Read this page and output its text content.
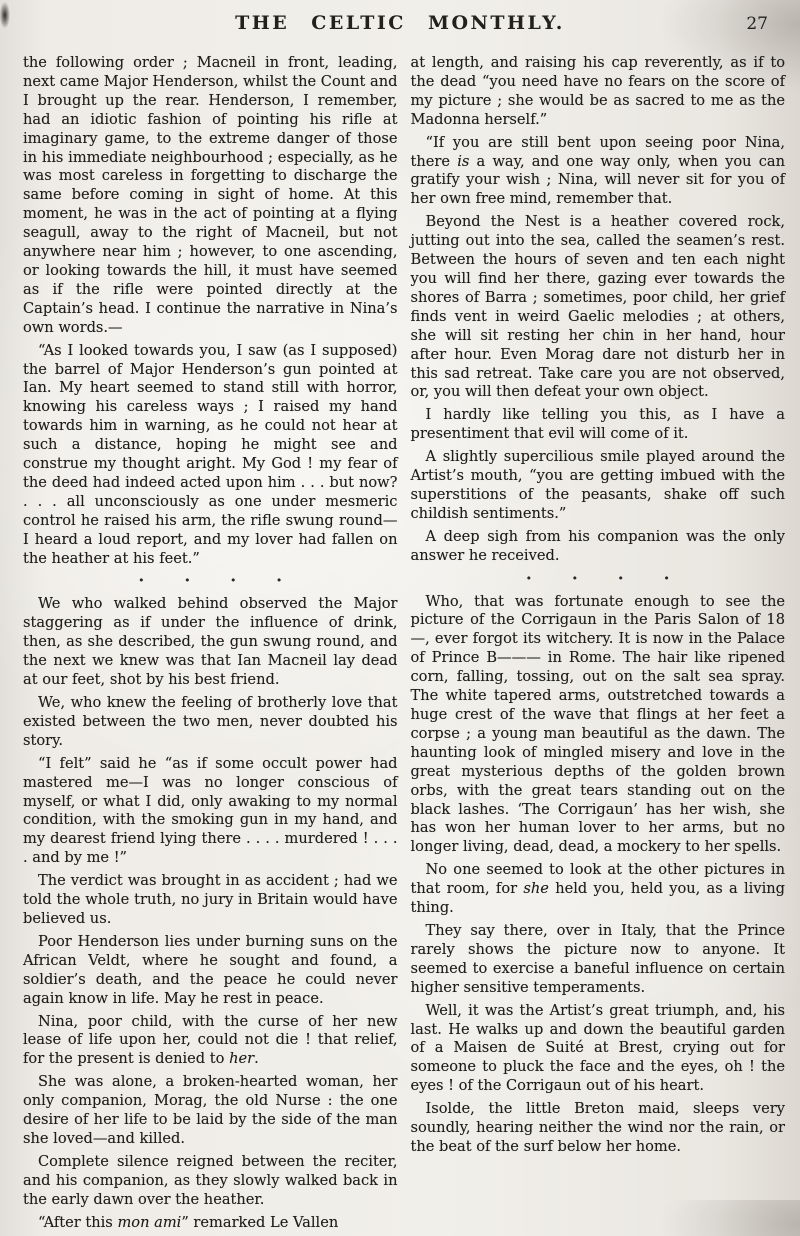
THE CELTIC MONTHLY.	27

the following order ; Macneil in front, leading, next came Major Henderson, whilst the Count and I brought up the rear. Henderson, I remember, had an idiotic fashion of pointing his rifle at imaginary game, to the extreme danger of those in his immediate neighbourhood ; especially, as he was most careless in forgetting to discharge the same before coming in sight of home. At this moment, he was in the act of pointing at a flying seagull, away to the right of Macneil, but not anywhere near him ; however, to one ascending, or looking towards the hill, it must have seemed as if the rifle were pointed directly at the Captain’s head. I continue the narrative in Nina’s own words.—

“As I looked towards you, I saw (as I supposed) the barrel of Major Henderson’s gun pointed at Ian. My heart seemed to stand still with horror, knowing his careless ways ; I raised my hand towards him in warning, as he could not hear at such a distance, hoping he might see and construe my thought aright. My God ! my fear of the deed had indeed acted upon him . . . but now? . . . all unconsciously as one under mesmeric control he raised his arm, the rifle swung round—I heard a loud report, and my lover had fallen on the heather at his feet.”

· · · ·

We who walked behind observed the Major staggering as if under the influence of drink, then, as she described, the gun swung round, and the next we knew was that Ian Macneil lay dead at our feet, shot by his best friend.

We, who knew the feeling of brotherly love that existed between the two men, never doubted his story.

“I felt” said he “as if some occult power had mastered me—I was no longer conscious of myself, or what I did, only awaking to my normal condition, with the smoking gun in my hand, and my dearest friend lying there . . . . murdered ! . . . . and by me !”

The verdict was brought in as accident ; had we told the whole truth, no jury in Britain would have believed us.

Poor Henderson lies under burning suns on the African Veldt, where he sought and found, a soldier’s death, and the peace he could never again know in life. May he rest in peace.

Nina, poor child, with the curse of her new lease of life upon her, could not die ! that relief, for the present is denied to her.

She was alone, a broken-hearted woman, her only companion, Morag, the old Nurse : the one desire of her life to be laid by the side of the man she loved—and killed.

Complete silence reigned between the reciter, and his companion, as they slowly walked back in the early dawn over the heather.

“After this mon ami” remarked Le Vallen

at length, and raising his cap reverently, as if to the dead “you need have no fears on the score of my picture ; she would be as sacred to me as the Madonna herself.”

“If you are still bent upon seeing poor Nina, there is a way, and one way only, when you can gratify your wish ; Nina, will never sit for you of her own free mind, remember that.

Beyond the Nest is a heather covered rock, jutting out into the sea, called the seamen’s rest. Between the hours of seven and ten each night you will find her there, gazing ever towards the shores of Barra ; sometimes, poor child, her grief finds vent in weird Gaelic melodies ; at others, she will sit resting her chin in her hand, hour after hour. Even Morag dare not disturb her in this sad retreat. Take care you are not observed, or, you will then defeat your own object.

I hardly like telling you this, as I have a presentiment that evil will come of it.

A slightly supercilious smile played around the Artist’s mouth, “you are getting imbued with the superstitions of the peasants, shake off such childish sentiments.”

A deep sigh from his companion was the only answer he received.

· · · ·

Who, that was fortunate enough to see the picture of the Corrigaun in the Paris Salon of 18—, ever forgot its witchery. It is now in the Palace of Prince B——— in Rome. The hair like ripened corn, falling, tossing, out on the salt sea spray. The white tapered arms, outstretched towards a huge crest of the wave that flings at her feet a corpse ; a young man beautiful as the dawn. The haunting look of mingled misery and love in the great mysterious depths of the golden brown orbs, with the great tears standing out on the black lashes. ‘The Corrigaun’ has her wish, she has won her human lover to her arms, but no longer living, dead, dead, a mockery to her spells.

No one seemed to look at the other pictures in that room, for she held you, held you, as a living thing.

They say there, over in Italy, that the Prince rarely shows the picture now to anyone. It seemed to exercise a baneful influence on certain higher sensitive temperaments.

Well, it was the Artist’s great triumph, and, his last. He walks up and down the beautiful garden of a Maisen de Suité at Brest, crying out for someone to pluck the face and the eyes, oh ! the eyes ! of the Corrigaun out of his heart.

Isolde, the little Breton maid, sleeps very soundly, hearing neither the wind nor the rain, or the beat of the surf below her home.
